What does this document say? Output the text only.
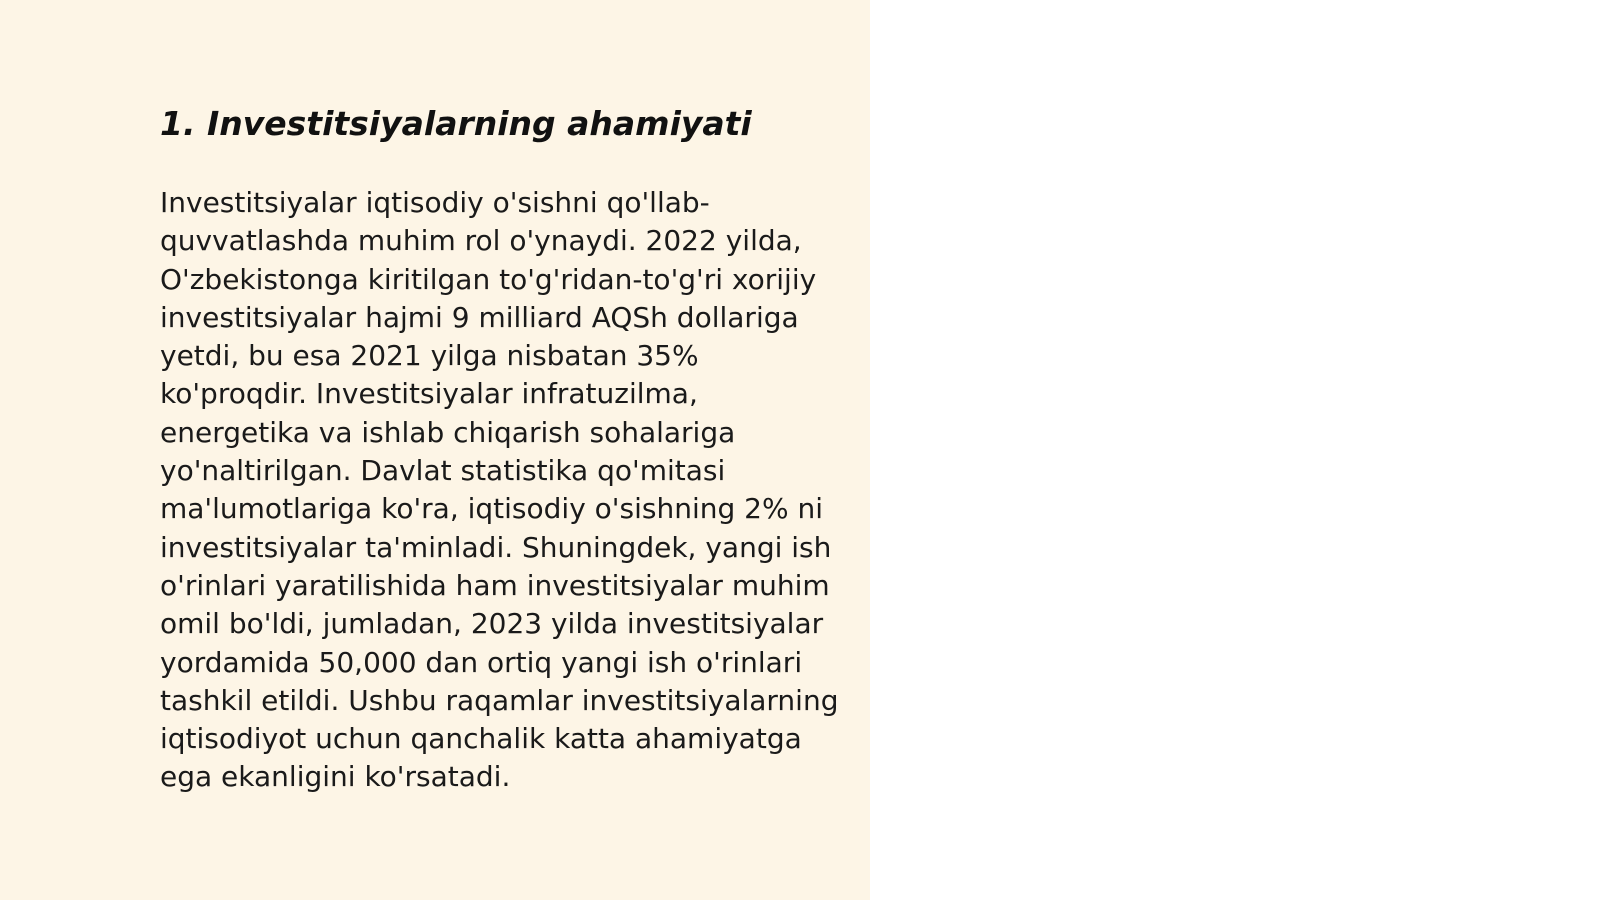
1. Investitsiyalarning ahamiyati

Investitsiyalar iqtisodiy o'sishni qo'llab-quvvatlashda muhim rol o'ynaydi. 2022 yilda, O'zbekistonga kiritilgan to'g'ridan-to'g'ri xorijiy investitsiyalar hajmi 9 milliard AQSh dollariga yetdi, bu esa 2021 yilga nisbatan 35% ko'proqdir. Investitsiyalar infratuzilma, energetika va ishlab chiqarish sohalariga yo'naltirilgan. Davlat statistika qo'mitasi ma'lumotlariga ko'ra, iqtisodiy o'sishning 2% ni investitsiyalar ta'minladi. Shuningdek, yangi ish o'rinlari yaratilishida ham investitsiyalar muhim omil bo'ldi, jumladan, 2023 yilda investitsiyalar yordamida 50,000 dan ortiq yangi ish o'rinlari tashkil etildi. Ushbu raqamlar investitsiyalarning iqtisodiyot uchun qanchalik katta ahamiyatga ega ekanligini ko'rsatadi.
